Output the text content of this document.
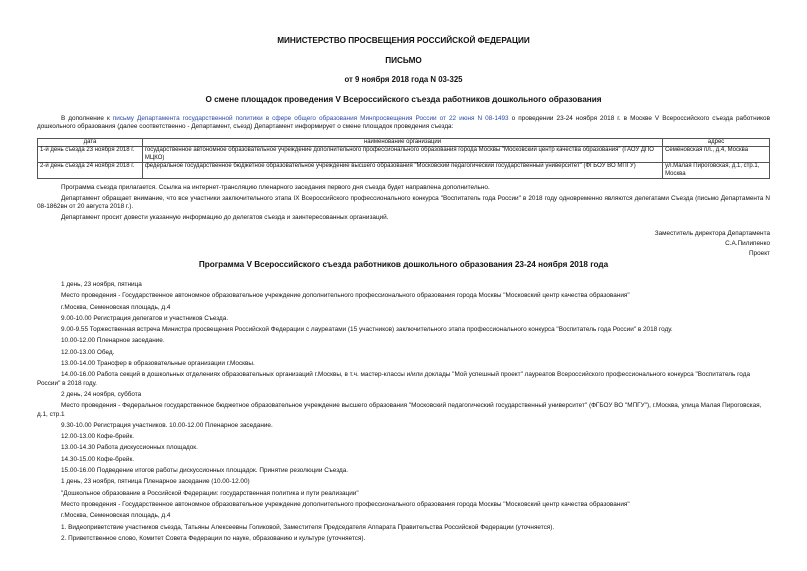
МИНИСТЕРСТВО ПРОСВЕЩЕНИЯ РОССИЙСКОЙ ФЕДЕРАЦИИ
ПИСЬМО
от 9 ноября 2018 года N 03-325
О смене площадок проведения V Всероссийского съезда работников дошкольного образования
В дополнение к письму Департамента государственной политики в сфере общего образования Минпросвещения России от 22 июня N 08-1493 о проведении 23-24 ноября 2018 г. в Москве V Всероссийского съезда работников дошкольного образования (далее соответственно - Департамент, съезд) Департамент информирует о смене площадок проведения съезда:
дата	наименование организации	адрес
1-й день съезда 23 ноября 2018 г.	государственное автономное образовательное учреждение дополнительного профессионального образования города Москвы "Московский центр качества образования" (ГАОУ ДПО МЦКО)	Семёновская пл., д.4, Москва
2-й день съезда 24 ноября 2018 г.	федеральное государственное бюджетное образовательное учреждение высшего образования "Московский педагогический государственный университет" (ФГБОУ ВО МПГУ)	ул.Малая Пироговская, д.1, стр.1, Москва
Программа съезда прилагается. Ссылка на интернет-трансляцию пленарного заседания первого дня съезда будет направлена дополнительно.
Департамент обращает внимание, что все участники заключительного этапа IX Всероссийского профессионального конкурса "Воспитатель года России" в 2018 году одновременно являются делегатами Съезда (письмо Департамента N 08-1862вн от 20 августа 2018 г.).
Департамент просит довести указанную информацию до делегатов съезда и заинтересованных организаций.
Заместитель директора Департамента
С.А.Пилипенко
Проект
Программа V Всероссийского съезда работников дошкольного образования 23-24 ноября 2018 года
1 день, 23 ноября, пятница
Место проведения - Государственное автономное образовательное учреждение дополнительного профессионального образования города Москвы "Московский центр качества образования"
г.Москва, Семеновская площадь, д.4
9.00-10.00 Регистрация делегатов и участников Съезда.
9.00-9.55 Торжественная встреча Министра просвещения Российской Федерации с лауреатами (15 участников) заключительного этапа профессионального конкурса "Воспитатель года России" в 2018 году.
10.00-12.00 Пленарное заседание.
12.00-13.00 Обед.
13.00-14.00 Трансфер в образовательные организации г.Москвы.
14.00-16.00 Работа секций в дошкольных отделениях образовательных организаций г.Москвы, в т.ч. мастер-классы и/или доклады "Мой успешный проект" лауреатов Всероссийского профессионального конкурса "Воспитатель года России" в 2018 году.
2 день, 24 ноября, суббота
Место проведения - Федеральное государственное бюджетное образовательное учреждение высшего образования "Московский педагогический государственный университет" (ФГБОУ ВО "МПГУ"), г.Москва, улица Малая Пироговская, д.1, стр.1
9.30-10.00 Регистрация участников. 10.00-12.00 Пленарное заседание.
12.00-13.00 Кофе-брейк.
13.00-14.30 Работа дискуссионных площадок.
14.30-15.00 Кофе-брейк.
15.00-16.00 Подведение итогов работы дискуссионных площадок. Принятие резолюции Съезда.
1 день, 23 ноября, пятница Пленарное заседание (10.00-12.00)
"Дошкольное образование в Российской Федерации: государственная политика и пути реализации"
Место проведения - Государственное автономное образовательное учреждение дополнительного профессионального образования города Москвы "Московский центр качества образования"
г.Москва, Семеновская площадь, д.4
1. Видеоприветствие участников съезда, Татьяны Алексеевны Голиковой, Заместителя Председателя Аппарата Правительства Российской Федерации (уточняется).
2. Приветственное слово, Комитет Совета Федерации по науке, образованию и культуре (уточняется).
